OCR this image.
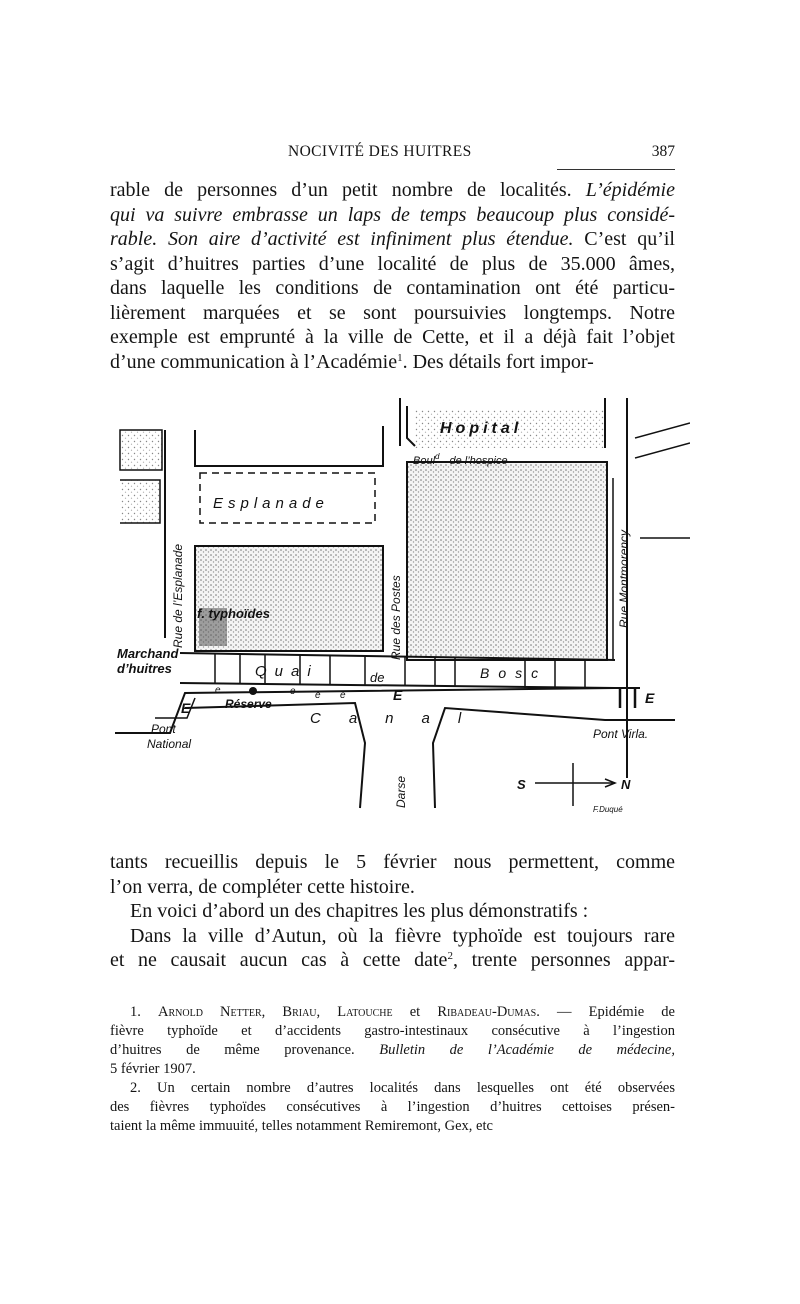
NOCIVITÉ DES HUITRES	387
rable de personnes d’un petit nombre de localités. L’épidémie
qui va suivre embrasse un laps de temps beaucoup plus considé-
rable. Son aire d’activité est infiniment plus étendue. C’est qu’il
s’agit d’huitres parties d’une localité de plus de 35.000 âmes,
dans laquelle les conditions de contamination ont été particu-
lièrement marquées et se sont poursuivies longtemps. Notre
exemple est emprunté à la ville de Cette, et il a déjà fait l’objet
d’une communication à l’Académie$^1$. Des détails fort impor-
Hopital
Boul$^d$ de l’hospice
Esplanade
Rue de l’Esplanade	Rue des Postes	Rue Montmorency
f. typhoïdes
Marchand
d’huitres	Quai	de	Bosc
Réserve
Canal
E
E
E
e	e e e
Pont
National
Pont Virla.
Darse	S	N
F.Duqué
tants recueillis depuis le 5 février nous permettent, comme
l’on verra, de compléter cette histoire.
En voici d’abord un des chapitres les plus démonstratifs :
Dans la ville d’Autun, où la fièvre typhoïde est toujours rare
et ne causait aucun cas à cette date$^2$, trente personnes appar-
1. Arnold Netter, Briau, Latouche et Ribadeau-Dumas. — Epidémie de
fièvre typhoïde et d’accidents gastro-intestinaux consécutive à l’ingestion
d’huitres de même provenance. Bulletin de l’Académie de médecine,
5 février 1907.
2. Un certain nombre d’autres localités dans lesquelles ont été observées
des fièvres typhoïdes consécutives à l’ingestion d’huitres cettoises présen-
taient la même immuuité, telles notamment Remiremont, Gex, etc
